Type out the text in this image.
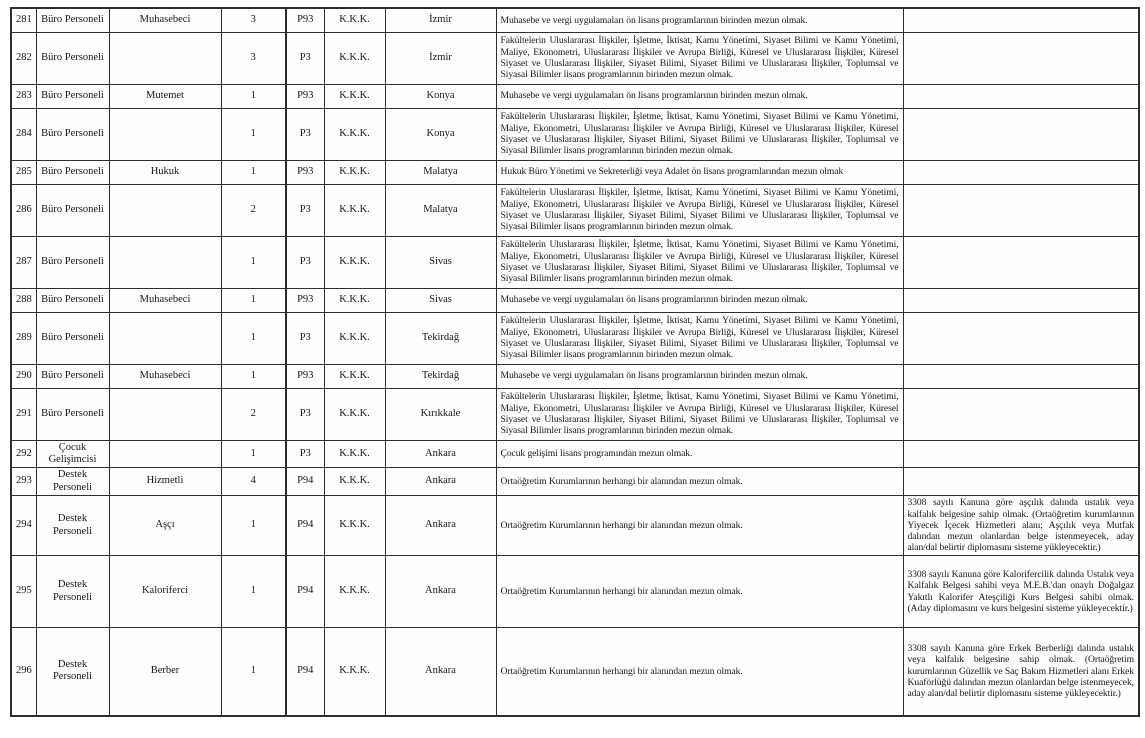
281	Büro Personeli	Muhasebeci	3	P93	K.K.K.	İzmir	Muhasebe ve vergi uygulamaları ön lisans programlarının birinden mezun olmak.	
282	Büro Personeli		3	P3	K.K.K.	İzmir	Fakültelerin Uluslararası İlişkiler, İşletme, İktisat, Kamu Yönetimi, Siyaset Bilimi ve Kamu Yönetimi, Maliye, Ekonometri, Uluslararası İlişkiler ve Avrupa Birliği, Küresel ve Uluslararası İlişkiler, Küresel Siyaset ve Uluslararası İlişkiler, Siyaset Bilimi, Siyaset Bilimi ve Uluslararası İlişkiler, Toplumsal ve Siyasal Bilimler lisans programlarının birinden mezun olmak.	
283	Büro Personeli	Mutemet	1	P93	K.K.K.	Konya	Muhasebe ve vergi uygulamaları ön lisans programlarının birinden mezun olmak.	
284	Büro Personeli		1	P3	K.K.K.	Konya	Fakültelerin Uluslararası İlişkiler, İşletme, İktisat, Kamu Yönetimi, Siyaset Bilimi ve Kamu Yönetimi, Maliye, Ekonometri, Uluslararası İlişkiler ve Avrupa Birliği, Küresel ve Uluslararası İlişkiler, Küresel Siyaset ve Uluslararası İlişkiler, Siyaset Bilimi, Siyaset Bilimi ve Uluslararası İlişkiler, Toplumsal ve Siyasal Bilimler lisans programlarının birinden mezun olmak.	
285	Büro Personeli	Hukuk	1	P93	K.K.K.	Malatya	Hukuk Büro Yönetimi ve Sekreterliği veya Adalet ön lisans programlarından mezun olmak	
286	Büro Personeli		2	P3	K.K.K.	Malatya	Fakültelerin Uluslararası İlişkiler, İşletme, İktisat, Kamu Yönetimi, Siyaset Bilimi ve Kamu Yönetimi, Maliye, Ekonometri, Uluslararası İlişkiler ve Avrupa Birliği, Küresel ve Uluslararası İlişkiler, Küresel Siyaset ve Uluslararası İlişkiler, Siyaset Bilimi, Siyaset Bilimi ve Uluslararası İlişkiler, Toplumsal ve Siyasal Bilimler lisans programlarının birinden mezun olmak.	
287	Büro Personeli		1	P3	K.K.K.	Sivas	Fakültelerin Uluslararası İlişkiler, İşletme, İktisat, Kamu Yönetimi, Siyaset Bilimi ve Kamu Yönetimi, Maliye, Ekonometri, Uluslararası İlişkiler ve Avrupa Birliği, Küresel ve Uluslararası İlişkiler, Küresel Siyaset ve Uluslararası İlişkiler, Siyaset Bilimi, Siyaset Bilimi ve Uluslararası İlişkiler, Toplumsal ve Siyasal Bilimler lisans programlarının birinden mezun olmak.	
288	Büro Personeli	Muhasebeci	1	P93	K.K.K.	Sivas	Muhasebe ve vergi uygulamaları ön lisans programlarının birinden mezun olmak.	
289	Büro Personeli		1	P3	K.K.K.	Tekirdağ	Fakültelerin Uluslararası İlişkiler, İşletme, İktisat, Kamu Yönetimi, Siyaset Bilimi ve Kamu Yönetimi, Maliye, Ekonometri, Uluslararası İlişkiler ve Avrupa Birliği, Küresel ve Uluslararası İlişkiler, Küresel Siyaset ve Uluslararası İlişkiler, Siyaset Bilimi, Siyaset Bilimi ve Uluslararası İlişkiler, Toplumsal ve Siyasal Bilimler lisans programlarının birinden mezun olmak.	
290	Büro Personeli	Muhasebeci	1	P93	K.K.K.	Tekirdağ	Muhasebe ve vergi uygulamaları ön lisans programlarının birinden mezun olmak.	
291	Büro Personeli		2	P3	K.K.K.	Kırıkkale	Fakültelerin Uluslararası İlişkiler, İşletme, İktisat, Kamu Yönetimi, Siyaset Bilimi ve Kamu Yönetimi, Maliye, Ekonometri, Uluslararası İlişkiler ve Avrupa Birliği, Küresel ve Uluslararası İlişkiler, Küresel Siyaset ve Uluslararası İlişkiler, Siyaset Bilimi, Siyaset Bilimi ve Uluslararası İlişkiler, Toplumsal ve Siyasal Bilimler lisans programlarının birinden mezun olmak.	
292	Çocuk Gelişimcisi		1	P3	K.K.K.	Ankara	Çocuk gelişimi lisans programından mezun olmak.	
293	Destek Personeli	Hizmetli	4	P94	K.K.K.	Ankara	Ortaöğretim Kurumlarının herhangi bir alanından mezun olmak.	
294	Destek Personeli	Aşçı	1	P94	K.K.K.	Ankara	Ortaöğretim Kurumlarının herhangi bir alanından mezun olmak.	3308 sayılı Kanuna göre aşçılık dalında ustalık veya kalfalık belgesine sahip olmak. (Ortaöğretim kurumlarının Yiyecek İçecek Hizmetleri alanı; Aşçılık veya Mutfak dalından mezun olanlardan belge istenmeyecek, aday alan/dal belirtir diplomasını sisteme yükleyecektir.)
295	Destek Personeli	Kaloriferci	1	P94	K.K.K.	Ankara	Ortaöğretim Kurumlarının herhangi bir alanından mezun olmak.	3308 sayılı Kanuna göre Kalorifercilik dalında Ustalık veya Kalfalık Belgesi sahibi veya M.E.B.'dan onaylı Doğalgaz Yakıtlı Kalorifer Ateşçiliği Kurs Belgesi sahibi olmak.(Aday diplomasını ve kurs belgesini sisteme yükleyecektir.)
296	Destek Personeli	Berber	1	P94	K.K.K.	Ankara	Ortaöğretim Kurumlarının herhangi bir alanından mezun olmak.	3308 sayılı Kanuna göre Erkek Berberliği dalında ustalık veya kalfalık belgesine sahip olmak. (Ortaöğretim kurumlarının Güzellik ve Saç Bakım Hizmetleri alanı Erkek Kuaförlüğü dalından mezun olanlardan belge istenmeyecek, aday alan/dal belirtir diplomasını sisteme yükleyecektir.)
